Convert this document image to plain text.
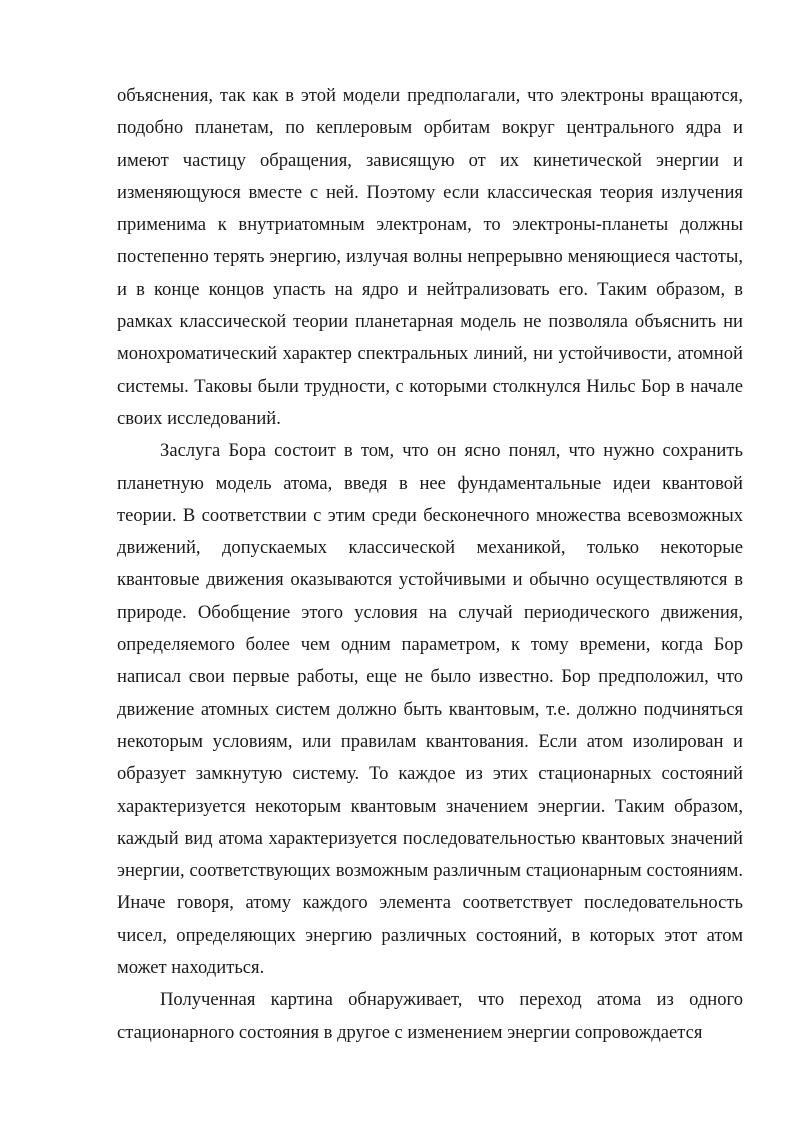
объяснения, так как в этой модели предполагали, что электроны вращаются, подобно планетам, по кеплеровым орбитам вокруг центрального ядра и имеют частицу обращения, зависящую от их кинетической энергии и изменяющуюся вместе с ней. Поэтому если классическая теория излучения применима к внутриатомным электронам, то электроны-планеты должны постепенно терять энергию, излучая волны непрерывно меняющиеся частоты, и в конце концов упасть на ядро и нейтрализовать его. Таким образом, в рамках классической теории планетарная модель не позволяла объяснить ни монохроматический характер спектральных линий, ни устойчивости, атомной системы. Таковы были трудности, с которыми столкнулся Нильс Бор в начале своих исследований.

Заслуга Бора состоит в том, что он ясно понял, что нужно сохранить планетную модель атома, введя в нее фундаментальные идеи квантовой теории. В соответствии с этим среди бесконечного множества всевозможных движений, допускаемых классической механикой, только некоторые квантовые движения оказываются устойчивыми и обычно осуществляются в природе. Обобщение этого условия на случай периодического движения, определяемого более чем одним параметром, к тому времени, когда Бор написал свои первые работы, еще не было известно. Бор предположил, что движение атомных систем должно быть квантовым, т.е. должно подчиняться некоторым условиям, или правилам квантования. Если атом изолирован и образует замкнутую систему. То каждое из этих стационарных состояний характеризуется некоторым квантовым значением энергии. Таким образом, каждый вид атома характеризуется последовательностью квантовых значений энергии, соответствующих возможным различным стационарным состояниям. Иначе говоря, атому каждого элемента соответствует последовательность чисел, определяющих энергию различных состояний, в которых этот атом может находиться.

Полученная картина обнаруживает, что переход атома из одного стационарного состояния в другое с изменением энергии сопровождается
